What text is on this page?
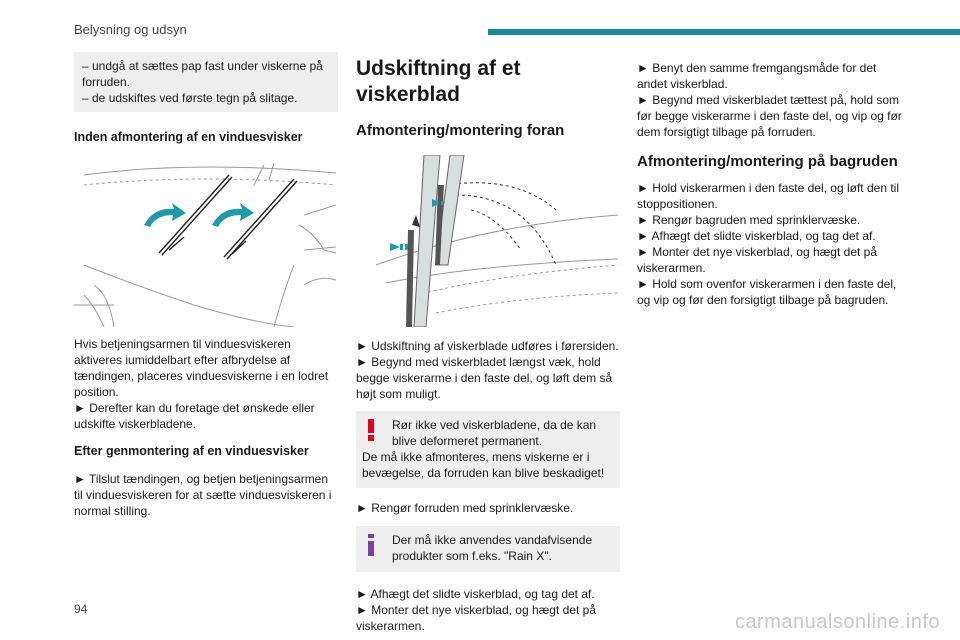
Belysning og udsyn

– undgå at sættes pap fast under viskerne på forruden.

– de udskiftes ved første tegn på slitage.

Inden afmontering af en vinduesvisker

Hvis betjeningsarmen til vinduesviskeren aktiveres iumiddelbart efter afbrydelse af tændingen, placeres vinduesviskerne i en lodret position.

► Derefter kan du foretage det ønskede eller udskifte viskerbladene.

Efter genmontering af en vinduesvisker

► Tilslut tændingen, og betjen betjeningsarmen til vinduesviskeren for at sætte vinduesviskeren i normal stilling.

Udskiftning af et viskerblad
Afmontering/montering foran

► Udskiftning af viskerblade udføres i førersiden.

► Begynd med viskerbladet længst væk, hold begge viskerarme i den faste del, og løft dem så højt som muligt.

Rør ikke ved viskerbladene, da de kan blive deformeret permanent.
De må ikke afmonteres, mens viskerne er i bevægelse, da forruden kan blive beskadiget!

► Rengør forruden med sprinklervæske.

Der må ikke anvendes vandafvisende produkter som f.eks. "Rain X".

► Afhægt det slidte viskerblad, og tag det af.

► Monter det nye viskerblad, og hægt det på viskerarmen.

► Benyt den samme fremgangsmåde for det andet viskerblad.

► Begynd med viskerbladet tættest på, hold som før begge viskerarme i den faste del, og vip og før dem forsigtigt tilbage på forruden.

Afmontering/montering på bagruden

► Hold viskerarmen i den faste del, og løft den til stoppositionen.

► Rengør bagruden med sprinklervæske.

► Afhægt det slidte viskerblad, og tag det af.

► Monter det nye viskerblad, og hægt det på viskerarmen.

► Hold som ovenfor viskerarmen i den faste del, og vip og før den forsigtigt tilbage på bagruden.

94
carmanualsonline.info
